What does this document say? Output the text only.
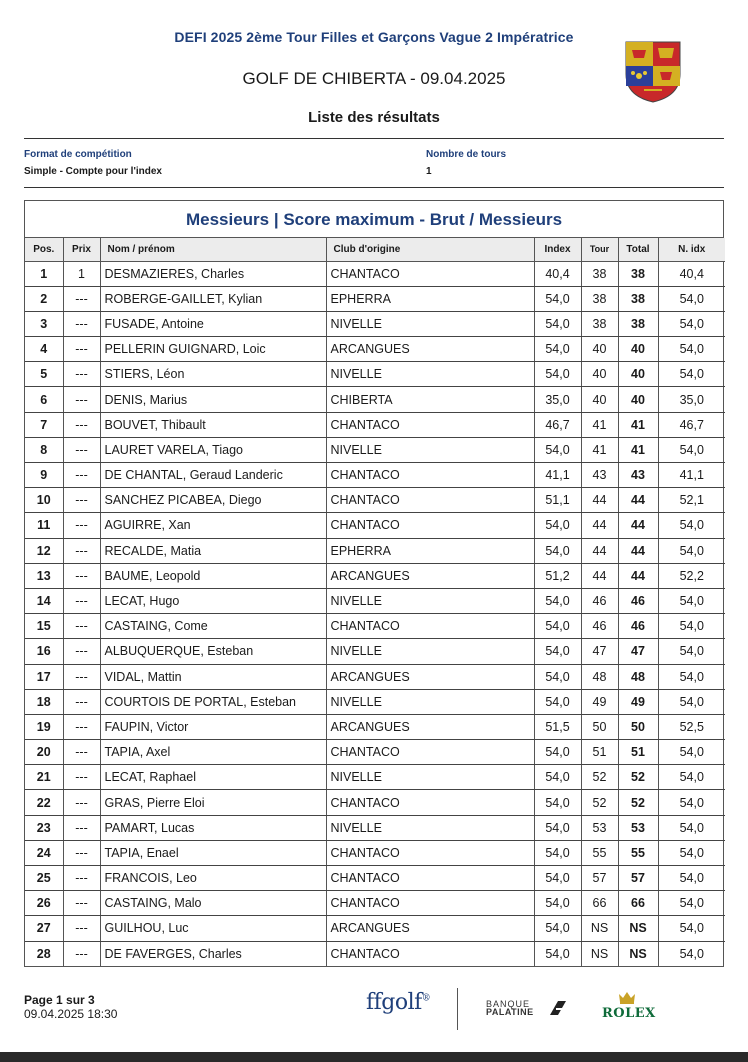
DEFI 2025 2ème Tour Filles et Garçons Vague 2 Impératrice
GOLF DE CHIBERTA - 09.04.2025
Liste des résultats
Format de compétition
Simple - Compte pour l'index
Nombre de tours
1
Messieurs | Score maximum - Brut / Messieurs
Pos.	Prix	Nom / prénom	Club d'origine	Index	Tour	Total	N. idx
1	1	DESMAZIERES, Charles	CHANTACO	40,4	38	38	40,4
2	---	ROBERGE-GAILLET, Kylian	EPHERRA	54,0	38	38	54,0
3	---	FUSADE, Antoine	NIVELLE	54,0	38	38	54,0
4	---	PELLERIN GUIGNARD, Loic	ARCANGUES	54,0	40	40	54,0
5	---	STIERS, Léon	NIVELLE	54,0	40	40	54,0
6	---	DENIS, Marius	CHIBERTA	35,0	40	40	35,0
7	---	BOUVET, Thibault	CHANTACO	46,7	41	41	46,7
8	---	LAURET VARELA, Tiago	NIVELLE	54,0	41	41	54,0
9	---	DE CHANTAL, Geraud Landeric	CHANTACO	41,1	43	43	41,1
10	---	SANCHEZ PICABEA, Diego	CHANTACO	51,1	44	44	52,1
11	---	AGUIRRE, Xan	CHANTACO	54,0	44	44	54,0
12	---	RECALDE, Matia	EPHERRA	54,0	44	44	54,0
13	---	BAUME, Leopold	ARCANGUES	51,2	44	44	52,2
14	---	LECAT, Hugo	NIVELLE	54,0	46	46	54,0
15	---	CASTAING, Come	CHANTACO	54,0	46	46	54,0
16	---	ALBUQUERQUE, Esteban	NIVELLE	54,0	47	47	54,0
17	---	VIDAL, Mattin	ARCANGUES	54,0	48	48	54,0
18	---	COURTOIS DE PORTAL, Esteban	NIVELLE	54,0	49	49	54,0
19	---	FAUPIN, Victor	ARCANGUES	51,5	50	50	52,5
20	---	TAPIA, Axel	CHANTACO	54,0	51	51	54,0
21	---	LECAT, Raphael	NIVELLE	54,0	52	52	54,0
22	---	GRAS, Pierre Eloi	CHANTACO	54,0	52	52	54,0
23	---	PAMART, Lucas	NIVELLE	54,0	53	53	54,0
24	---	TAPIA, Enael	CHANTACO	54,0	55	55	54,0
25	---	FRANCOIS, Leo	CHANTACO	54,0	57	57	54,0
26	---	CASTAING, Malo	CHANTACO	54,0	66	66	54,0
27	---	GUILHOU, Luc	ARCANGUES	54,0	NS	NS	54,0
28	---	DE FAVERGES, Charles	CHANTACO	54,0	NS	NS	54,0
Page 1 sur 3
09.04.2025 18:30	ffgolf®
BANQUE
PALATINE	ROLEX
